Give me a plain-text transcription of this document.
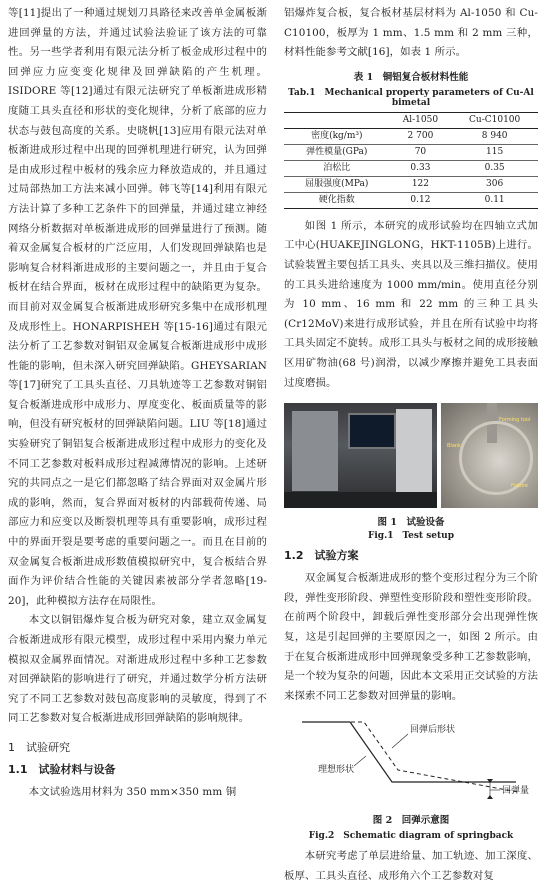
等[11]提出了一种通过规划刀具路径来改善单金属板渐进回弹量的方法，并通过试验法验证了该方法的可靠性。另一些学者利用有限元法分析了板金成形过程中的回弹应力应变变化规律及回弹缺陷的产生机理。ISIDORE 等[12]通过有限元法研究了单板渐进成形精度随工具头直径和形状的变化规律，分析了底部的应力状态与鼓包高度的关系。史晓帆[13]应用有限元法对单板渐进成形过程中出现的回弹机理进行研究，认为回弹是由成形过程中板材的残余应力释放造成的，并且通过过局部热加工方法来减小回弹。韩飞等[14]利用有限元方法计算了多种工艺条件下的回弹量，并通过建立神经网络分析数据对单板渐进成形的回弹量进行了预测。随着双金属复合板材的广泛应用，人们发现回弹缺陷也是影响复合材料渐进成形的主要问题之一，并且由于复合板材在结合界面，板材在成形过程中的缺陷更为复杂。而目前对双金属复合板渐进成形研究多集中在成形机理及成形性上。HONARPISHEH 等[15-16]通过有限元法分析了工艺参数对铜铝双金属复合板渐进成形中成形性能的影响，但未深入研究回弹缺陷。GHEYSARIAN 等[17]研究了工具头直径、刀具轨迹等工艺参数对铜铝复合板渐进成形中成形力、厚度变化、板面质量等的影响，但没有研究板材的回弹缺陷问题。LIU 等[18]通过实验研究了铜铝复合板渐进成形过程中成形力的变化及不同工艺参数对板料成形过程减薄情况的影响。上述研究的共同点之一是它们都忽略了结合界面对双金属片形成的影响，然而，复合界面对板材的内部载荷传递、局部应力和应变以及断裂机理等具有重要影响，成形过程中的界面开裂是要考虑的重要问题之一。而且在目前的双金属复合板渐进成形数值模拟研究中，复合板结合界面作为评价结合性能的关键因素被部分学者忽略[19-20]，此种模拟方法存在局限性。

本文以铜铝爆炸复合板为研究对象，建立双金属复合板渐进成形有限元模型，成形过程中采用内聚力单元模拟双金属界面情况。对渐进成形过程中多种工艺参数对回弹缺陷的影响进行了研究，并通过数学分析方法研究了不同工艺参数对鼓包高度影响的灵敏度，得到了不同工艺参数对复合板渐进成形回弹缺陷的影响规律。

1　试验研究
1.1　试验材料与设备

本文试验选用材料为 350 mm×350 mm 铜

铝爆炸复合板，复合板材基层材料为 Al-1050 和 Cu-C10100，板厚为 1 mm、1.5 mm 和 2 mm 三种，材料性能参考文献[16]，如表 1 所示。

表 1　铜铝复合板材料性能
Tab.1　Mechanical property parameters of Cu-Al bimetal
	Al-1050	Cu-C10100
密度(kg/m³)	2 700	8 940
弹性模量(GPa)	70	115
泊松比	0.33	0.35
屈服强度(MPa)	122	306
硬化指数	0.12	0.11

如图 1 所示，本研究的成形试验均在四轴立式加工中心(HUAKEJINGLONG，HKT-1105B)上进行。试验装置主要包括工具头、夹具以及三维扫描仪。使用的工具头进给速度为 1000 mm/min。使用直径分别为 10 mm、16 mm 和 22 mm 的三种工具头(Cr12MoV)来进行成形试验，并且在所有试验中均将工具头固定不旋转。成形工具头与板材之间的成形接触区用矿物油(68 号)润滑，以减少摩擦并避免工具表面过度磨损。

Forming tool
Blank
Fixture
图 1　试验设备
Fig.1　Test setup
1.2　试验方案

双金属复合板渐进成形的整个变形过程分为三个阶段，弹性变形阶段、弹塑性变形阶段和塑性变形阶段。在前两个阶段中，卸载后弹性变形部分会出现弹性恢复，这是引起回弹的主要原因之一，如图 2 所示。由于在复合板渐进成形中回弹现象受多种工艺参数影响，是一个较为复杂的问题，因此本文采用正交试验的方法来探索不同工艺参数对回弹量的影响。

回弹后形状
理想形状
回弹量
图 2　回弹示意图
Fig.2　Schematic diagram of springback

本研究考虑了单层进给量、加工轨迹、加工深度、板厚、工具头直径、成形角六个工艺参数对复
